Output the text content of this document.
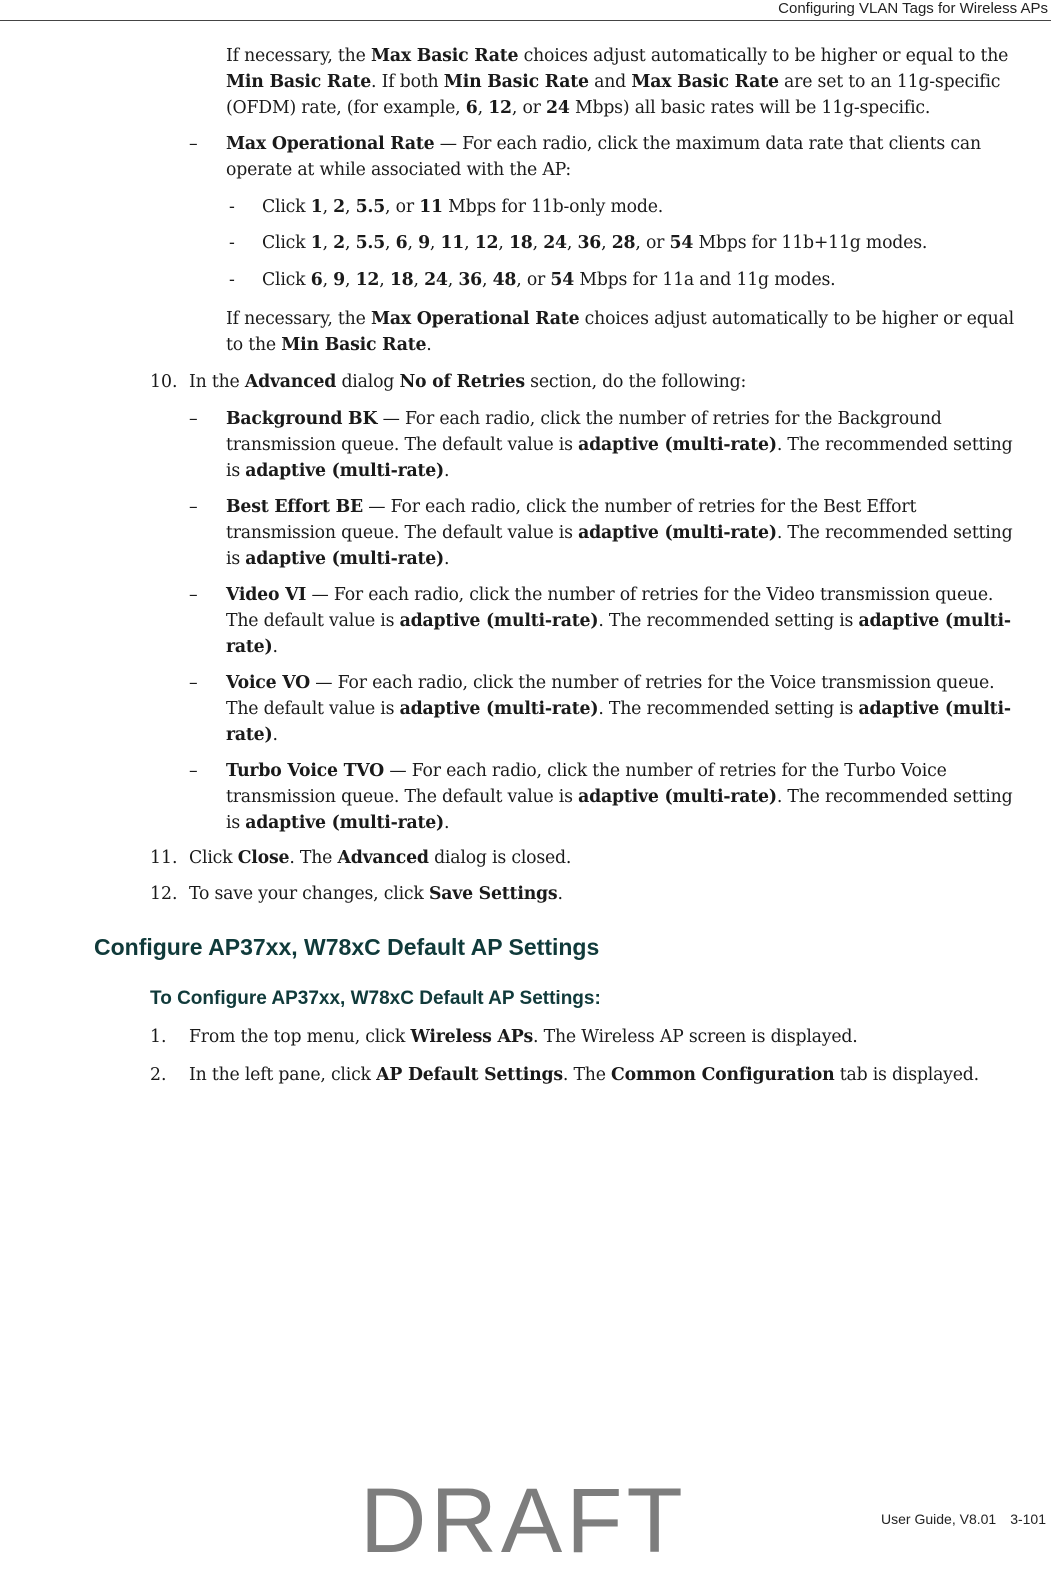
Configuring VLAN Tags for Wireless APs

If necessary, the Max Basic Rate choices adjust automatically to be higher or equal to the

Min Basic Rate. If both Min Basic Rate and Max Basic Rate are set to an 11g-specific

(OFDM) rate, (for example, 6, 12, or 24 Mbps) all basic rates will be 11g-specific.

– Max Operational Rate — For each radio, click the maximum data rate that clients can

operate at while associated with the AP:

- Click 1, 2, 5.5, or 11 Mbps for 11b-only mode.

- Click 1, 2, 5.5, 6, 9, 11, 12, 18, 24, 36, 28, or 54 Mbps for 11b+11g modes.

- Click 6, 9, 12, 18, 24, 36, 48, or 54 Mbps for 11a and 11g modes.

If necessary, the Max Operational Rate choices adjust automatically to be higher or equal

to the Min Basic Rate.

10. In the Advanced dialog No of Retries section, do the following:

– Background BK — For each radio, click the number of retries for the Background

transmission queue. The default value is adaptive (multi-rate). The recommended setting

is adaptive (multi-rate).

– Best Effort BE — For each radio, click the number of retries for the Best Effort

transmission queue. The default value is adaptive (multi-rate). The recommended setting

is adaptive (multi-rate).

– Video VI — For each radio, click the number of retries for the Video transmission queue.

The default value is adaptive (multi-rate). The recommended setting is adaptive (multi-

rate).

– Voice VO — For each radio, click the number of retries for the Voice transmission queue.

The default value is adaptive (multi-rate). The recommended setting is adaptive (multi-

rate).

– Turbo Voice TVO — For each radio, click the number of retries for the Turbo Voice

transmission queue. The default value is adaptive (multi-rate). The recommended setting

is adaptive (multi-rate).

11. Click Close. The Advanced dialog is closed.

12. To save your changes, click Save Settings.

Configure AP37xx, W78xC Default AP Settings
To Configure AP37xx, W78xC Default AP Settings:
1. From the top menu, click Wireless APs. The Wireless AP screen is displayed.

2. In the left pane, click AP Default Settings. The Common Configuration tab is displayed.

User Guide, V8.01 3-101
DRAFT
